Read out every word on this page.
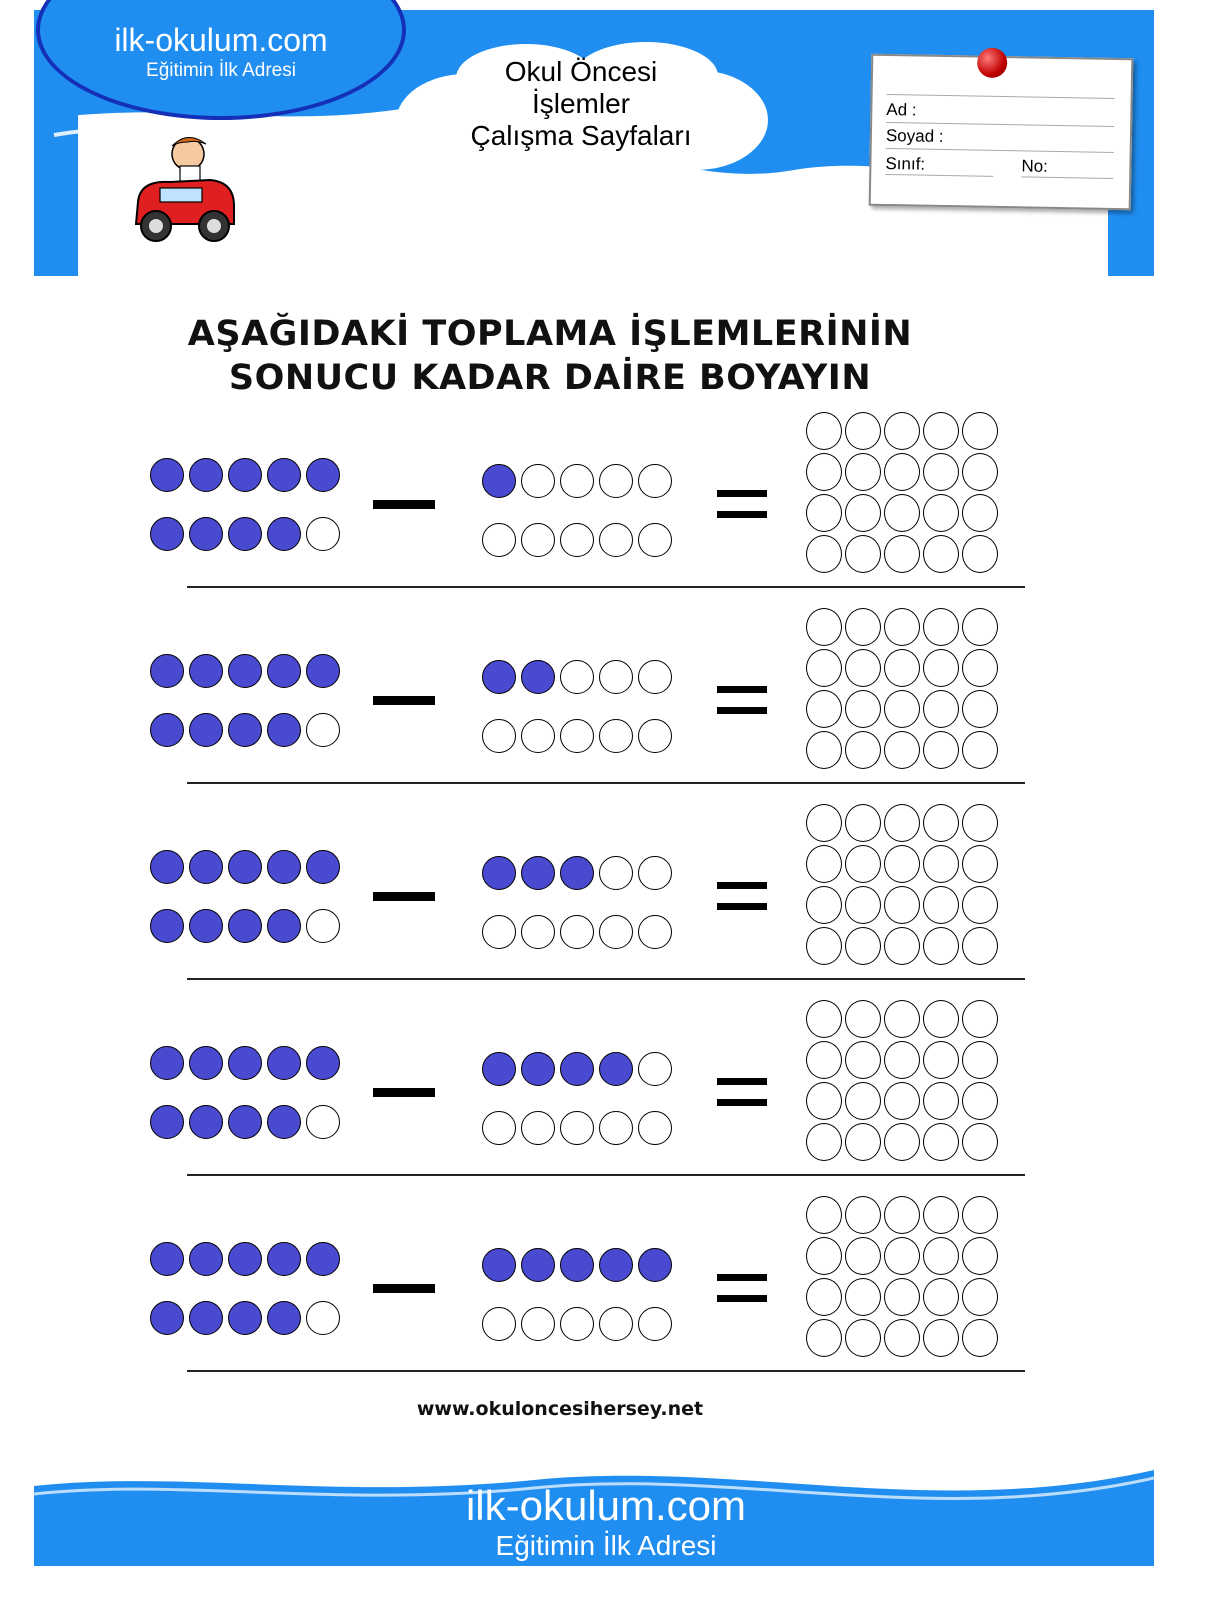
ilk-okulum.com
Eğitimin İlk Adresi	Okul Öncesi
İşlemler
Çalışma Sayfaları
Ad :
Soyad :
Sınıf:	No:
AŞAĞIDAKİ TOPLAMA İŞLEMLERİNİN
SONUCU KADAR DAİRE BOYAYIN
www.okuloncesihersey.net
ilk-okulum.com
Eğitimin İlk Adresi
